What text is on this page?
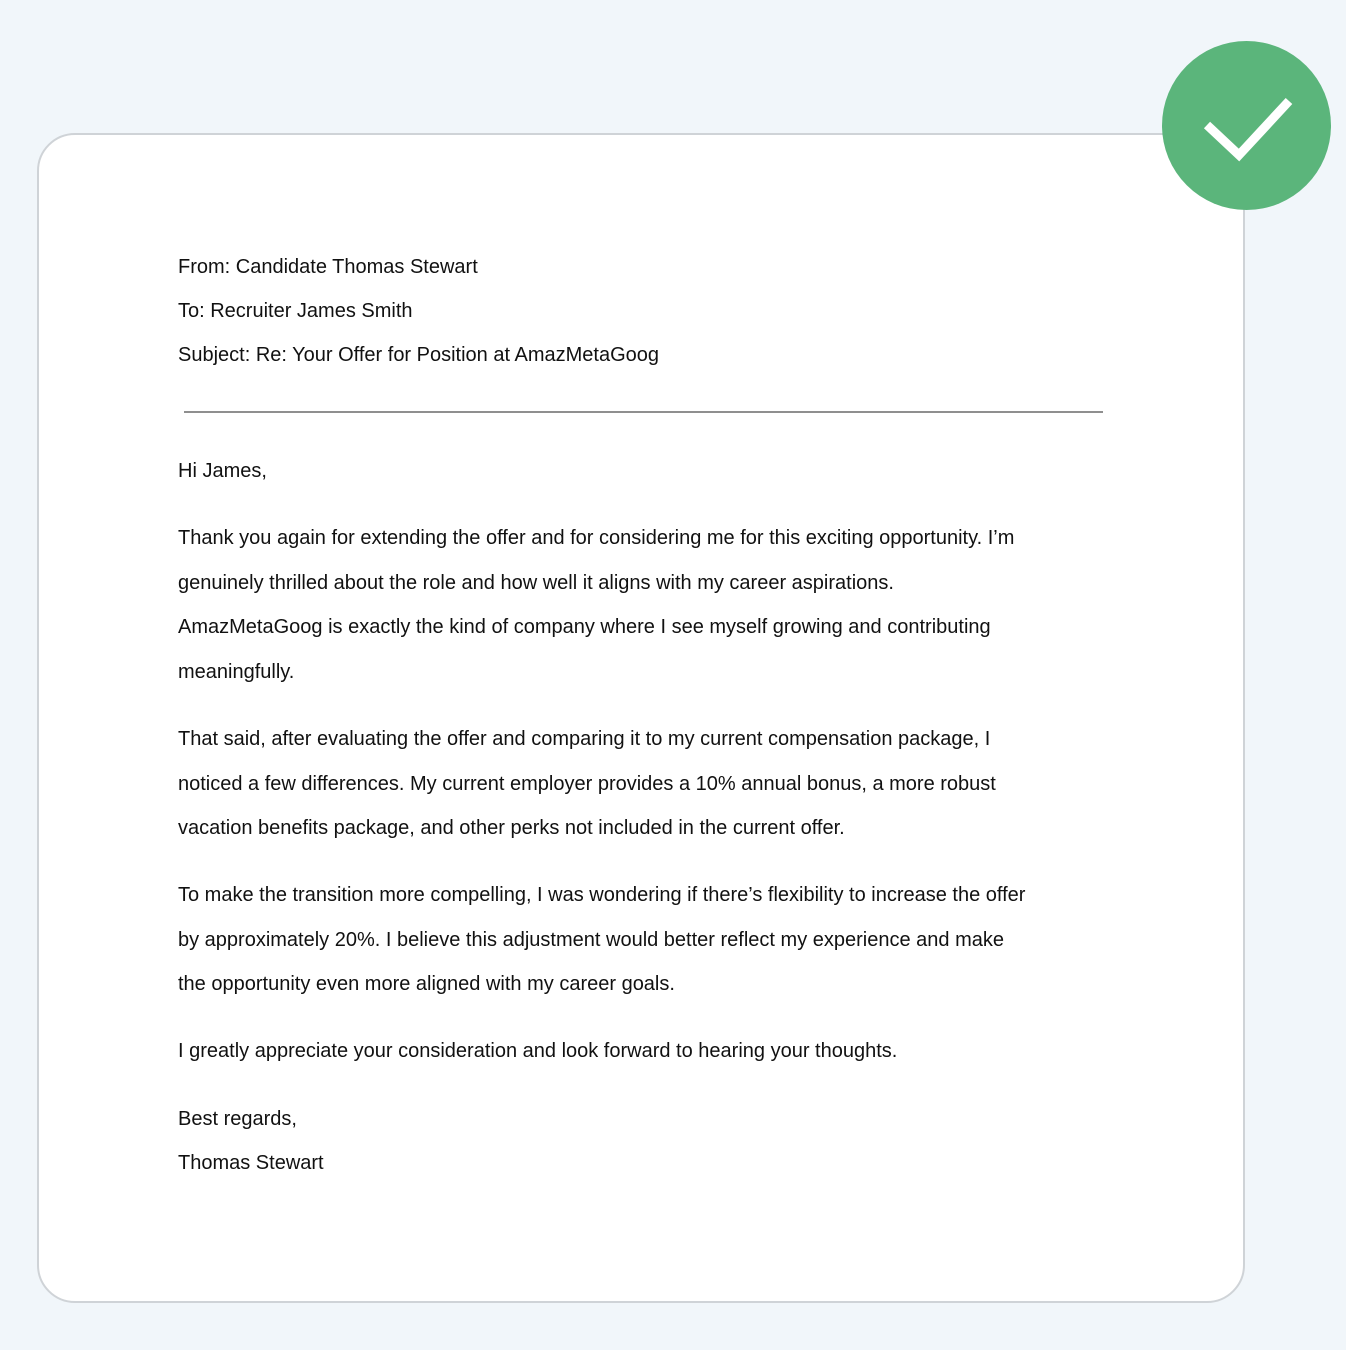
From: Candidate Thomas Stewart
To: Recruiter James Smith
Subject: Re: Your Offer for Position at AmazMetaGoog
Hi James,
Thank you again for extending the offer and for considering me for this exciting opportunity. I’m
genuinely thrilled about the role and how well it aligns with my career aspirations.
AmazMetaGoog is exactly the kind of company where I see myself growing and contributing
meaningfully.
That said, after evaluating the offer and comparing it to my current compensation package, I
noticed a few differences. My current employer provides a 10% annual bonus, a more robust
vacation benefits package, and other perks not included in the current offer.
To make the transition more compelling, I was wondering if there’s flexibility to increase the offer
by approximately 20%. I believe this adjustment would better reflect my experience and make
the opportunity even more aligned with my career goals.
I greatly appreciate your consideration and look forward to hearing your thoughts.
Best regards,
Thomas Stewart
